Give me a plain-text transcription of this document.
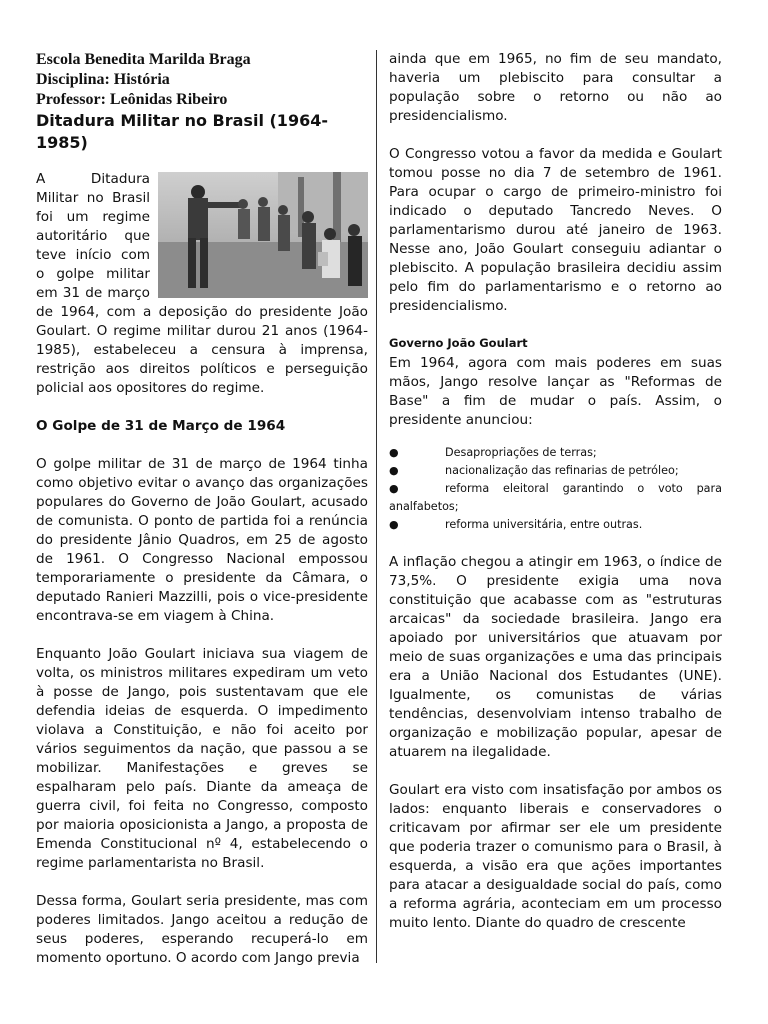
Escola Benedita Marilda Braga
Disciplina: História
Professor: Leônidas Ribeiro
Ditadura Militar no Brasil (1964-1985)

A Ditadura Militar no Brasil foi um regime autoritário que teve início com o golpe militar em 31 de março de 1964, com a deposição do presidente João Goulart. O regime militar durou 21 anos (1964-1985), estabeleceu a censura à imprensa, restrição aos direitos políticos e perseguição policial aos opositores do regime.

O Golpe de 31 de Março de 1964

O golpe militar de 31 de março de 1964 tinha como objetivo evitar o avanço das organizações populares do Governo de João Goulart, acusado de comunista. O ponto de partida foi a renúncia do presidente Jânio Quadros, em 25 de agosto de 1961. O Congresso Nacional empossou temporariamente o presidente da Câmara, o deputado Ranieri Mazzilli, pois o vice-presidente encontrava-se em viagem à China.

Enquanto João Goulart iniciava sua viagem de volta, os ministros militares expediram um veto à posse de Jango, pois sustentavam que ele defendia ideias de esquerda. O impedimento violava a Constituição, e não foi aceito por vários seguimentos da nação, que passou a se mobilizar. Manifestações e greves se espalharam pelo país. Diante da ameaça de guerra civil, foi feita no Congresso, composto por maioria oposicionista a Jango, a proposta de Emenda Constitucional nº 4, estabelecendo o regime parlamentarista no Brasil.

Dessa forma, Goulart seria presidente, mas com poderes limitados. Jango aceitou a redução de seus poderes, esperando recuperá-lo em momento oportuno. O acordo com Jango previa

ainda que em 1965, no fim de seu mandato, haveria um plebiscito para consultar a população sobre o retorno ou não ao presidencialismo.

O Congresso votou a favor da medida e Goulart tomou posse no dia 7 de setembro de 1961. Para ocupar o cargo de primeiro-ministro foi indicado o deputado Tancredo Neves. O parlamentarismo durou até janeiro de 1963. Nesse ano, João Goulart conseguiu adiantar o plebiscito. A população brasileira decidiu assim pelo fim do parlamentarismo e o retorno ao presidencialismo.

Governo João Goulart

Em 1964, agora com mais poderes em suas mãos, Jango resolve lançar as "Reformas de Base" a fim de mudar o país. Assim, o presidente anunciou:

●	Desapropriações de terras;
●	nacionalização das refinarias de petróleo;
●	reforma eleitoral garantindo o voto para analfabetos;
●	reforma universitária, entre outras.

A inflação chegou a atingir em 1963, o índice de 73,5%. O presidente exigia uma nova constituição que acabasse com as "estruturas arcaicas" da sociedade brasileira. Jango era apoiado por universitários que atuavam por meio de suas organizações e uma das principais era a União Nacional dos Estudantes (UNE). Igualmente, os comunistas de várias tendências, desenvolviam intenso trabalho de organização e mobilização popular, apesar de atuarem na ilegalidade.

Goulart era visto com insatisfação por ambos os lados: enquanto liberais e conservadores o criticavam por afirmar ser ele um presidente que poderia trazer o comunismo para o Brasil, à esquerda, a visão era que ações importantes para atacar a desigualdade social do país, como a reforma agrária, aconteciam em um processo muito lento. Diante do quadro de crescente
